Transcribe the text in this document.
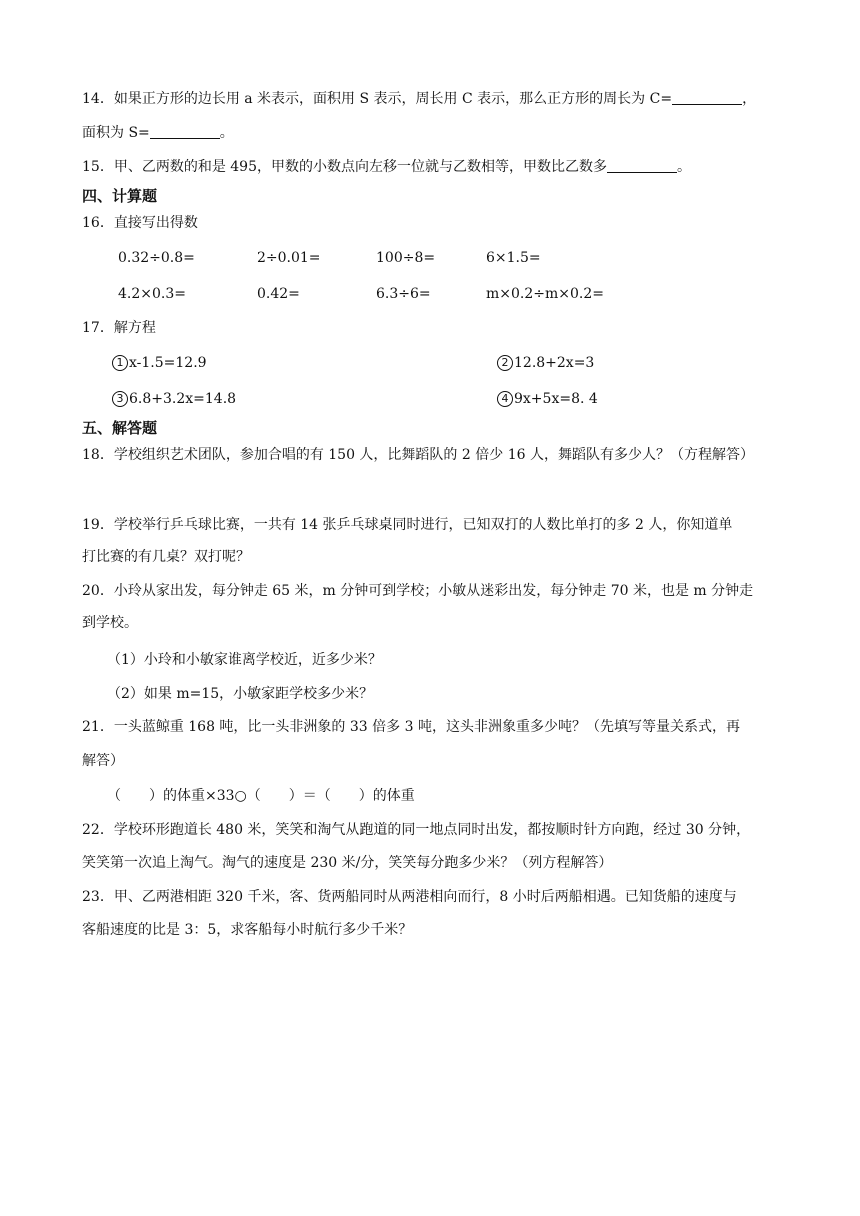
14．如果正方形的边长用 a 米表示，面积用 S 表示，周长用 C 表示，那么正方形的周长为 C=	，
面积为 S=	。
15．甲、乙两数的和是 495，甲数的小数点向左移一位就与乙数相等，甲数比乙数多	。
四、计算题
16．直接写出得数
0.32÷0.8=	2÷0.01=	100÷8=	6×1.5=
4.2×0.3=	0.42=	6.3÷6=	m×0.2÷m×0.2=
17．解方程
1 x-1.5=12.9	2 12.8+2x=3
3 6.8+3.2x=14.8	4 9x+5x=8. 4
五、解答题
18．学校组织艺术团队，参加合唱的有 150 人，比舞蹈队的 2 倍少 16 人，舞蹈队有多少人？（方程解答）
19．学校举行乒乓球比赛，一共有 14 张乒乓球桌同时进行，已知双打的人数比单打的多 2 人，你知道单
打比赛的有几桌？双打呢？
20．小玲从家出发，每分钟走 65 米，m 分钟可到学校；小敏从迷彩出发，每分钟走 70 米，也是 m 分钟走
到学校。
（1）小玲和小敏家谁离学校近，近多少米？
（2）如果 m=15，小敏家距学校多少米？
21．一头蓝鲸重 168 吨，比一头非洲象的 33 倍多 3 吨，这头非洲象重多少吨？（先填写等量关系式，再
解答）
（　　）的体重×33○（　　）＝（　　）的体重
22．学校环形跑道长 480 米，笑笑和淘气从跑道的同一地点同时出发，都按顺时针方向跑，经过 30 分钟，
笑笑第一次追上淘气。淘气的速度是 230 米/分，笑笑每分跑多少米？（列方程解答）
23．甲、乙两港相距 320 千米，客、货两船同时从两港相向而行，8 小时后两船相遇。已知货船的速度与
客船速度的比是 3：5，求客船每小时航行多少千米？
